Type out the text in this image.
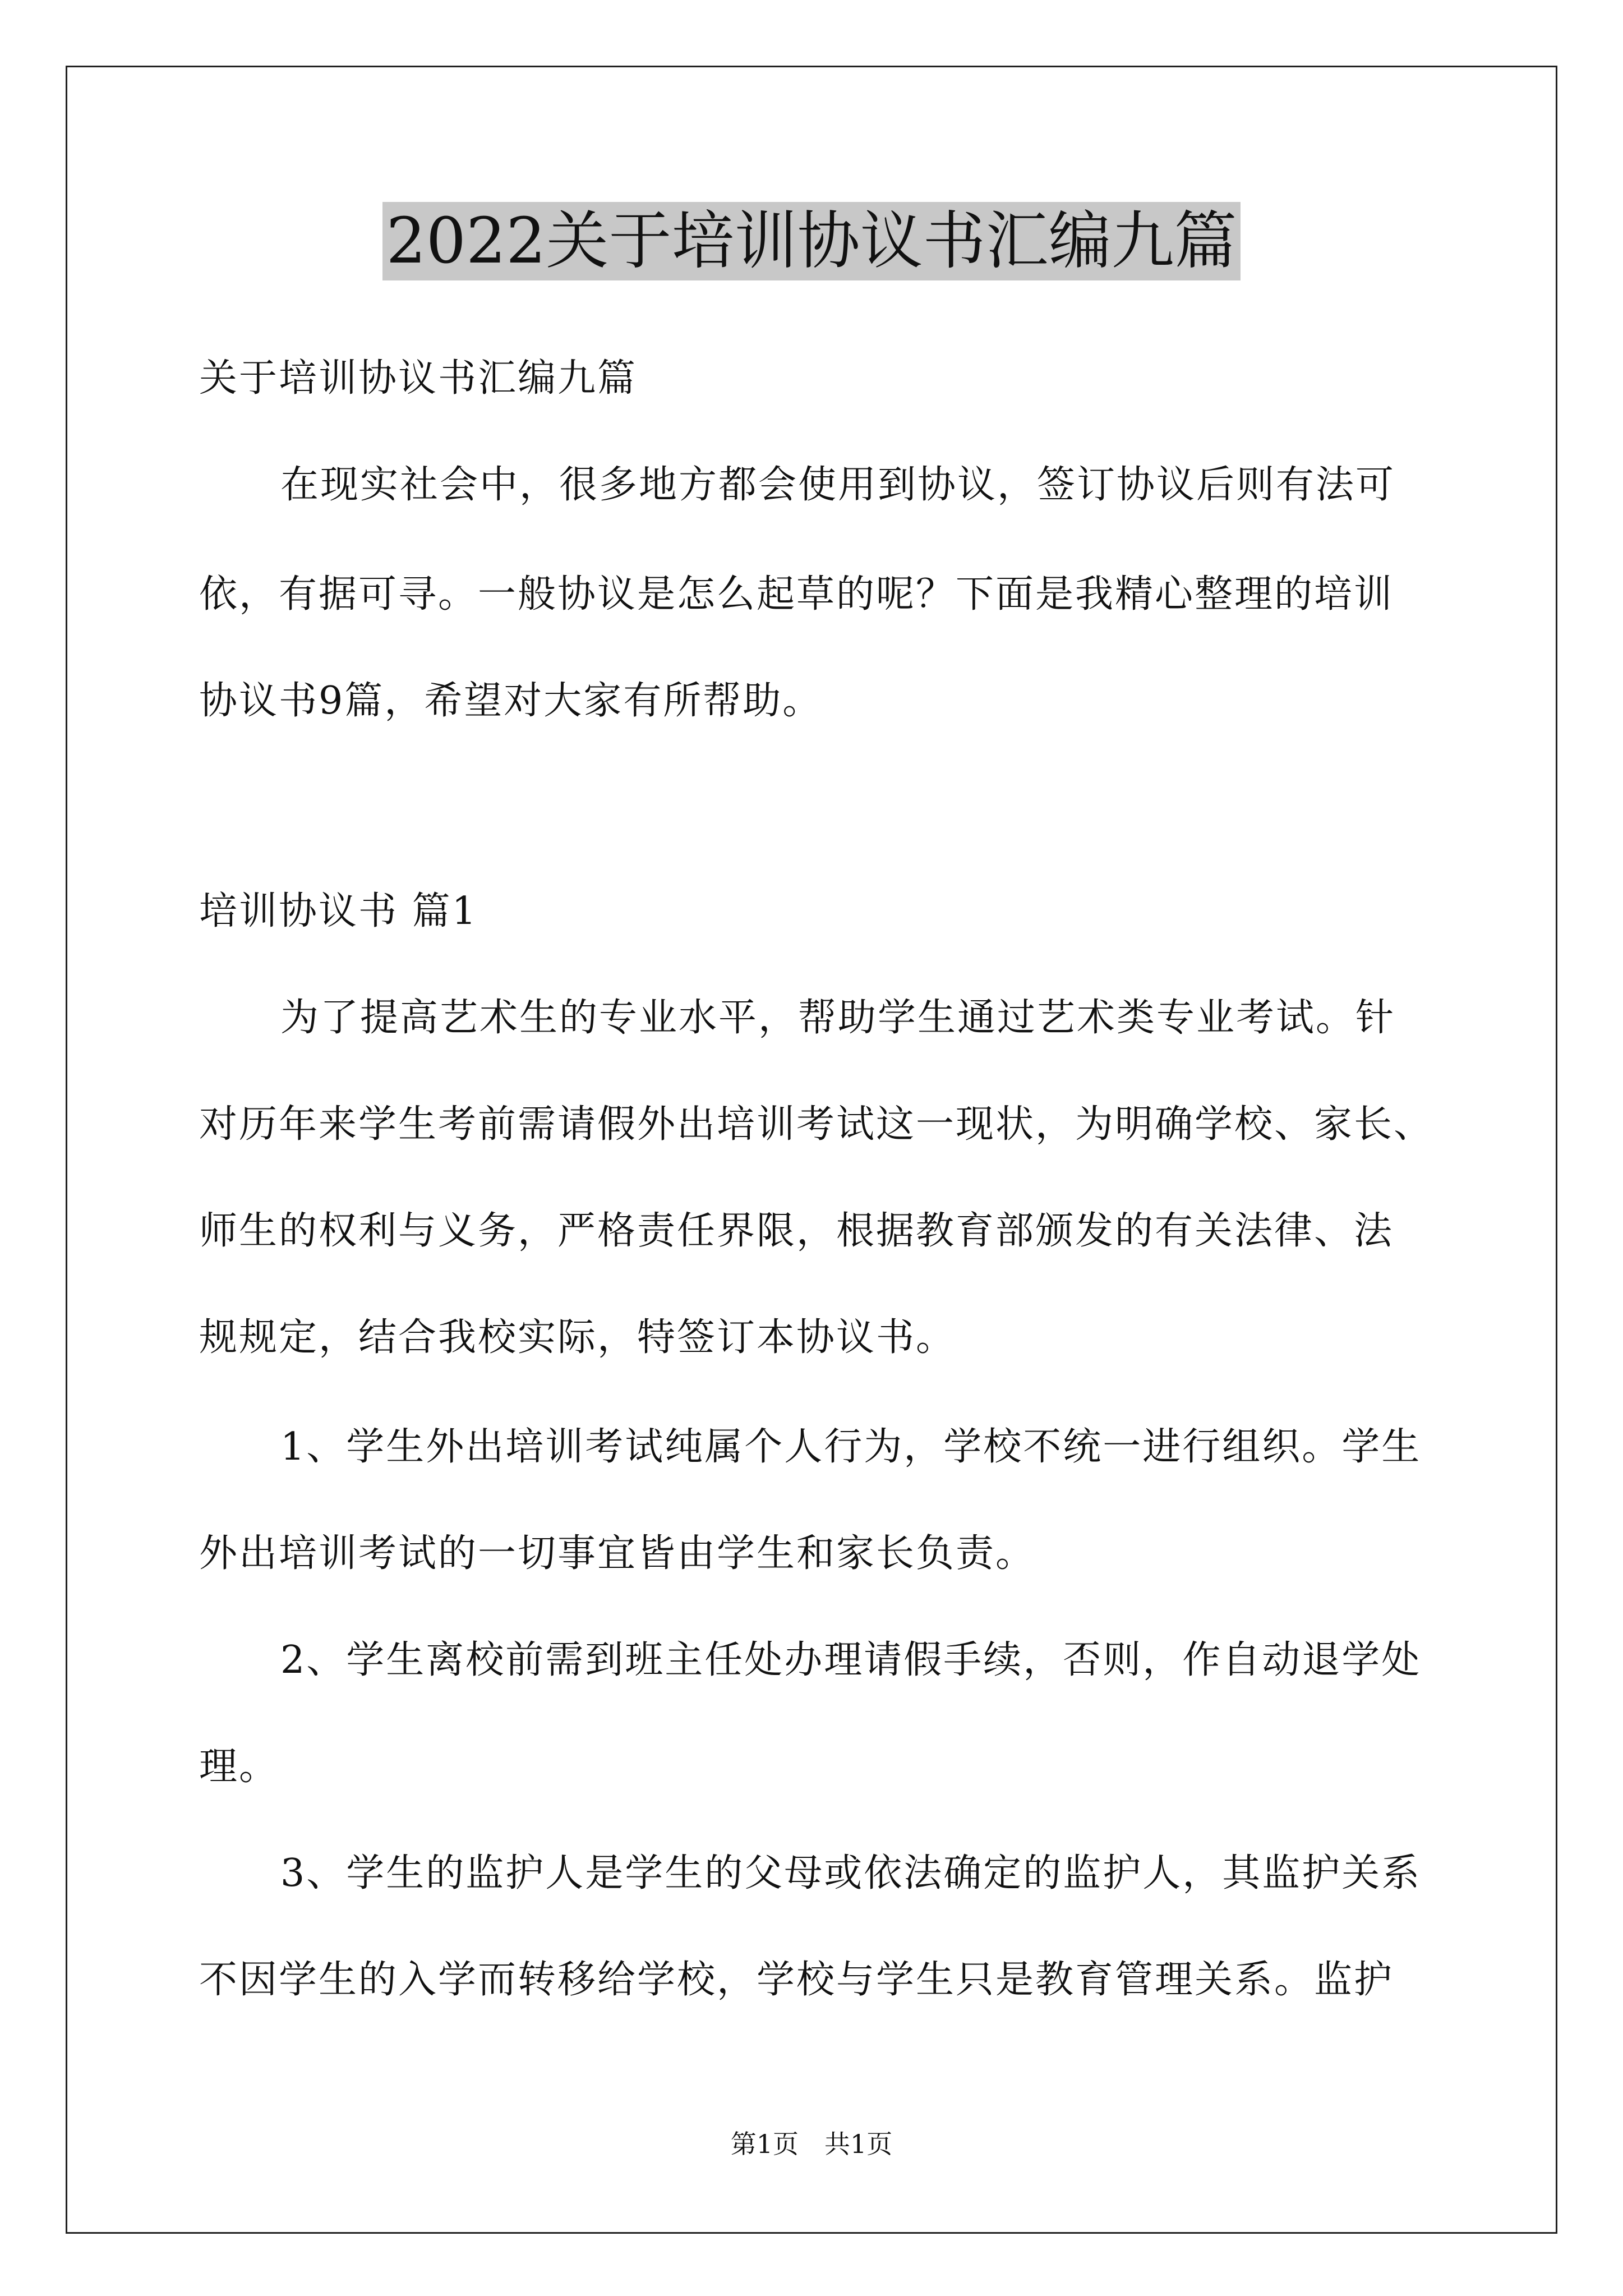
2022关于培训协议书汇编九篇
关于培训协议书汇编九篇
在现实社会中，很多地方都会使用到协议，签订协议后则有法可
依，有据可寻。一般协议是怎么起草的呢？下面是我精心整理的培训
协议书9篇，希望对大家有所帮助。
培训协议书 篇1
为了提高艺术生的专业水平，帮助学生通过艺术类专业考试。针
对历年来学生考前需请假外出培训考试这一现状，为明确学校、家长、
师生的权利与义务，严格责任界限，根据教育部颁发的有关法律、法
规规定，结合我校实际，特签订本协议书。
1、学生外出培训考试纯属个人行为，学校不统一进行组织。学生
外出培训考试的一切事宜皆由学生和家长负责。
2、学生离校前需到班主任处办理请假手续，否则，作自动退学处
理。
3、学生的监护人是学生的父母或依法确定的监护人，其监护关系
不因学生的入学而转移给学校，学校与学生只是教育管理关系。监护
第1页　共1页
